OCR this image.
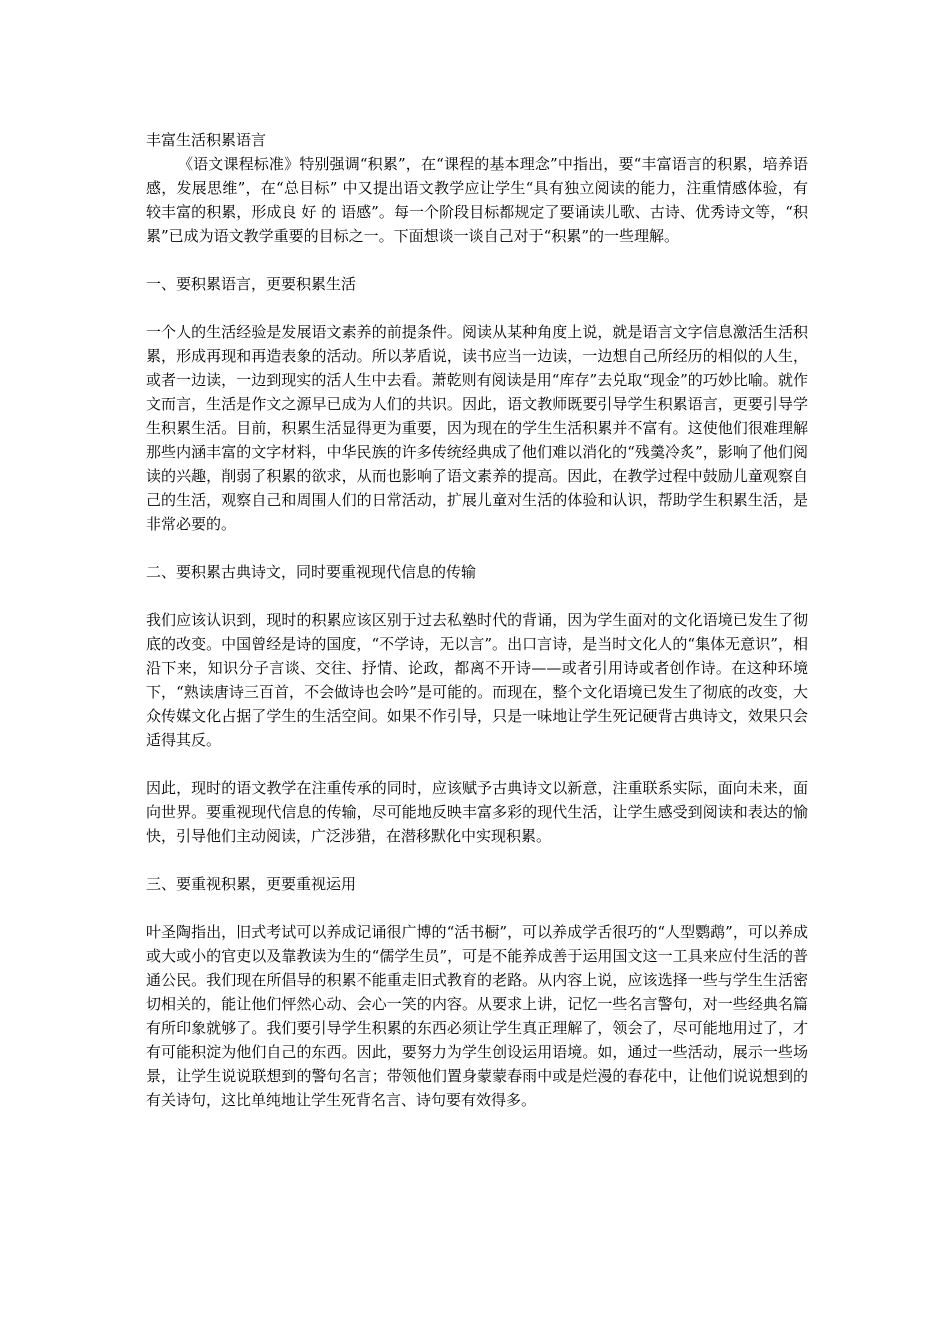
丰富生活积累语言

《语文课程标准》特别强调“积累”，在“课程的基本理念”中指出，要“丰富语言的积累，培养语感，发展思维”，在“总目标” 中又提出语文教学应让学生“具有独立阅读的能力，注重情感体验，有较丰富的积累，形成良 好 的 语感”。每一个阶段目标都规定了要诵读儿歌、古诗、优秀诗文等，“积累”已成为语文教学重要的目标之一。下面想谈一谈自己对于“积累”的一些理解。

一、要积累语言，更要积累生活

一个人的生活经验是发展语文素养的前提条件。阅读从某种角度上说，就是语言文字信息激活生活积累，形成再现和再造表象的活动。所以茅盾说，读书应当一边读，一边想自己所经历的相似的人生，或者一边读，一边到现实的活人生中去看。萧乾则有阅读是用“库存”去兑取“现金”的巧妙比喻。就作文而言，生活是作文之源早已成为人们的共识。因此，语文教师既要引导学生积累语言，更要引导学生积累生活。目前，积累生活显得更为重要，因为现在的学生生活积累并不富有。这使他们很难理解那些内涵丰富的文字材料，中华民族的许多传统经典成了他们难以消化的“残羹冷炙”，影响了他们阅读的兴趣，削弱了积累的欲求，从而也影响了语文素养的提高。因此，在教学过程中鼓励儿童观察自己的生活，观察自己和周围人们的日常活动，扩展儿童对生活的体验和认识，帮助学生积累生活，是非常必要的。

二、要积累古典诗文，同时要重视现代信息的传输

我们应该认识到，现时的积累应该区别于过去私塾时代的背诵，因为学生面对的文化语境已发生了彻底的改变。中国曾经是诗的国度，“不学诗，无以言”。出口言诗，是当时文化人的“集体无意识”，相沿下来，知识分子言谈、交往、抒情、论政，都离不开诗——或者引用诗或者创作诗。在这种环境下，“熟读唐诗三百首，不会做诗也会吟”是可能的。而现在，整个文化语境已发生了彻底的改变，大众传媒文化占据了学生的生活空间。如果不作引导，只是一味地让学生死记硬背古典诗文，效果只会适得其反。

因此，现时的语文教学在注重传承的同时，应该赋予古典诗文以新意，注重联系实际，面向未来，面向世界。要重视现代信息的传输，尽可能地反映丰富多彩的现代生活，让学生感受到阅读和表达的愉快，引导他们主动阅读，广泛涉猎，在潜移默化中实现积累。

三、要重视积累，更要重视运用

叶圣陶指出，旧式考试可以养成记诵很广博的“活书橱”，可以养成学舌很巧的“人型鹦鹉”，可以养成或大或小的官吏以及靠教读为生的“儒学生员”，可是不能养成善于运用国文这一工具来应付生活的普通公民。我们现在所倡导的积累不能重走旧式教育的老路。从内容上说，应该选择一些与学生生活密切相关的，能让他们怦然心动、会心一笑的内容。从要求上讲，记忆一些名言警句，对一些经典名篇有所印象就够了。我们要引导学生积累的东西必须让学生真正理解了，领会了，尽可能地用过了，才有可能积淀为他们自己的东西。因此，要努力为学生创设运用语境。如，通过一些活动，展示一些场景，让学生说说联想到的警句名言；带领他们置身蒙蒙春雨中或是烂漫的春花中，让他们说说想到的有关诗句，这比单纯地让学生死背名言、诗句要有效得多。
